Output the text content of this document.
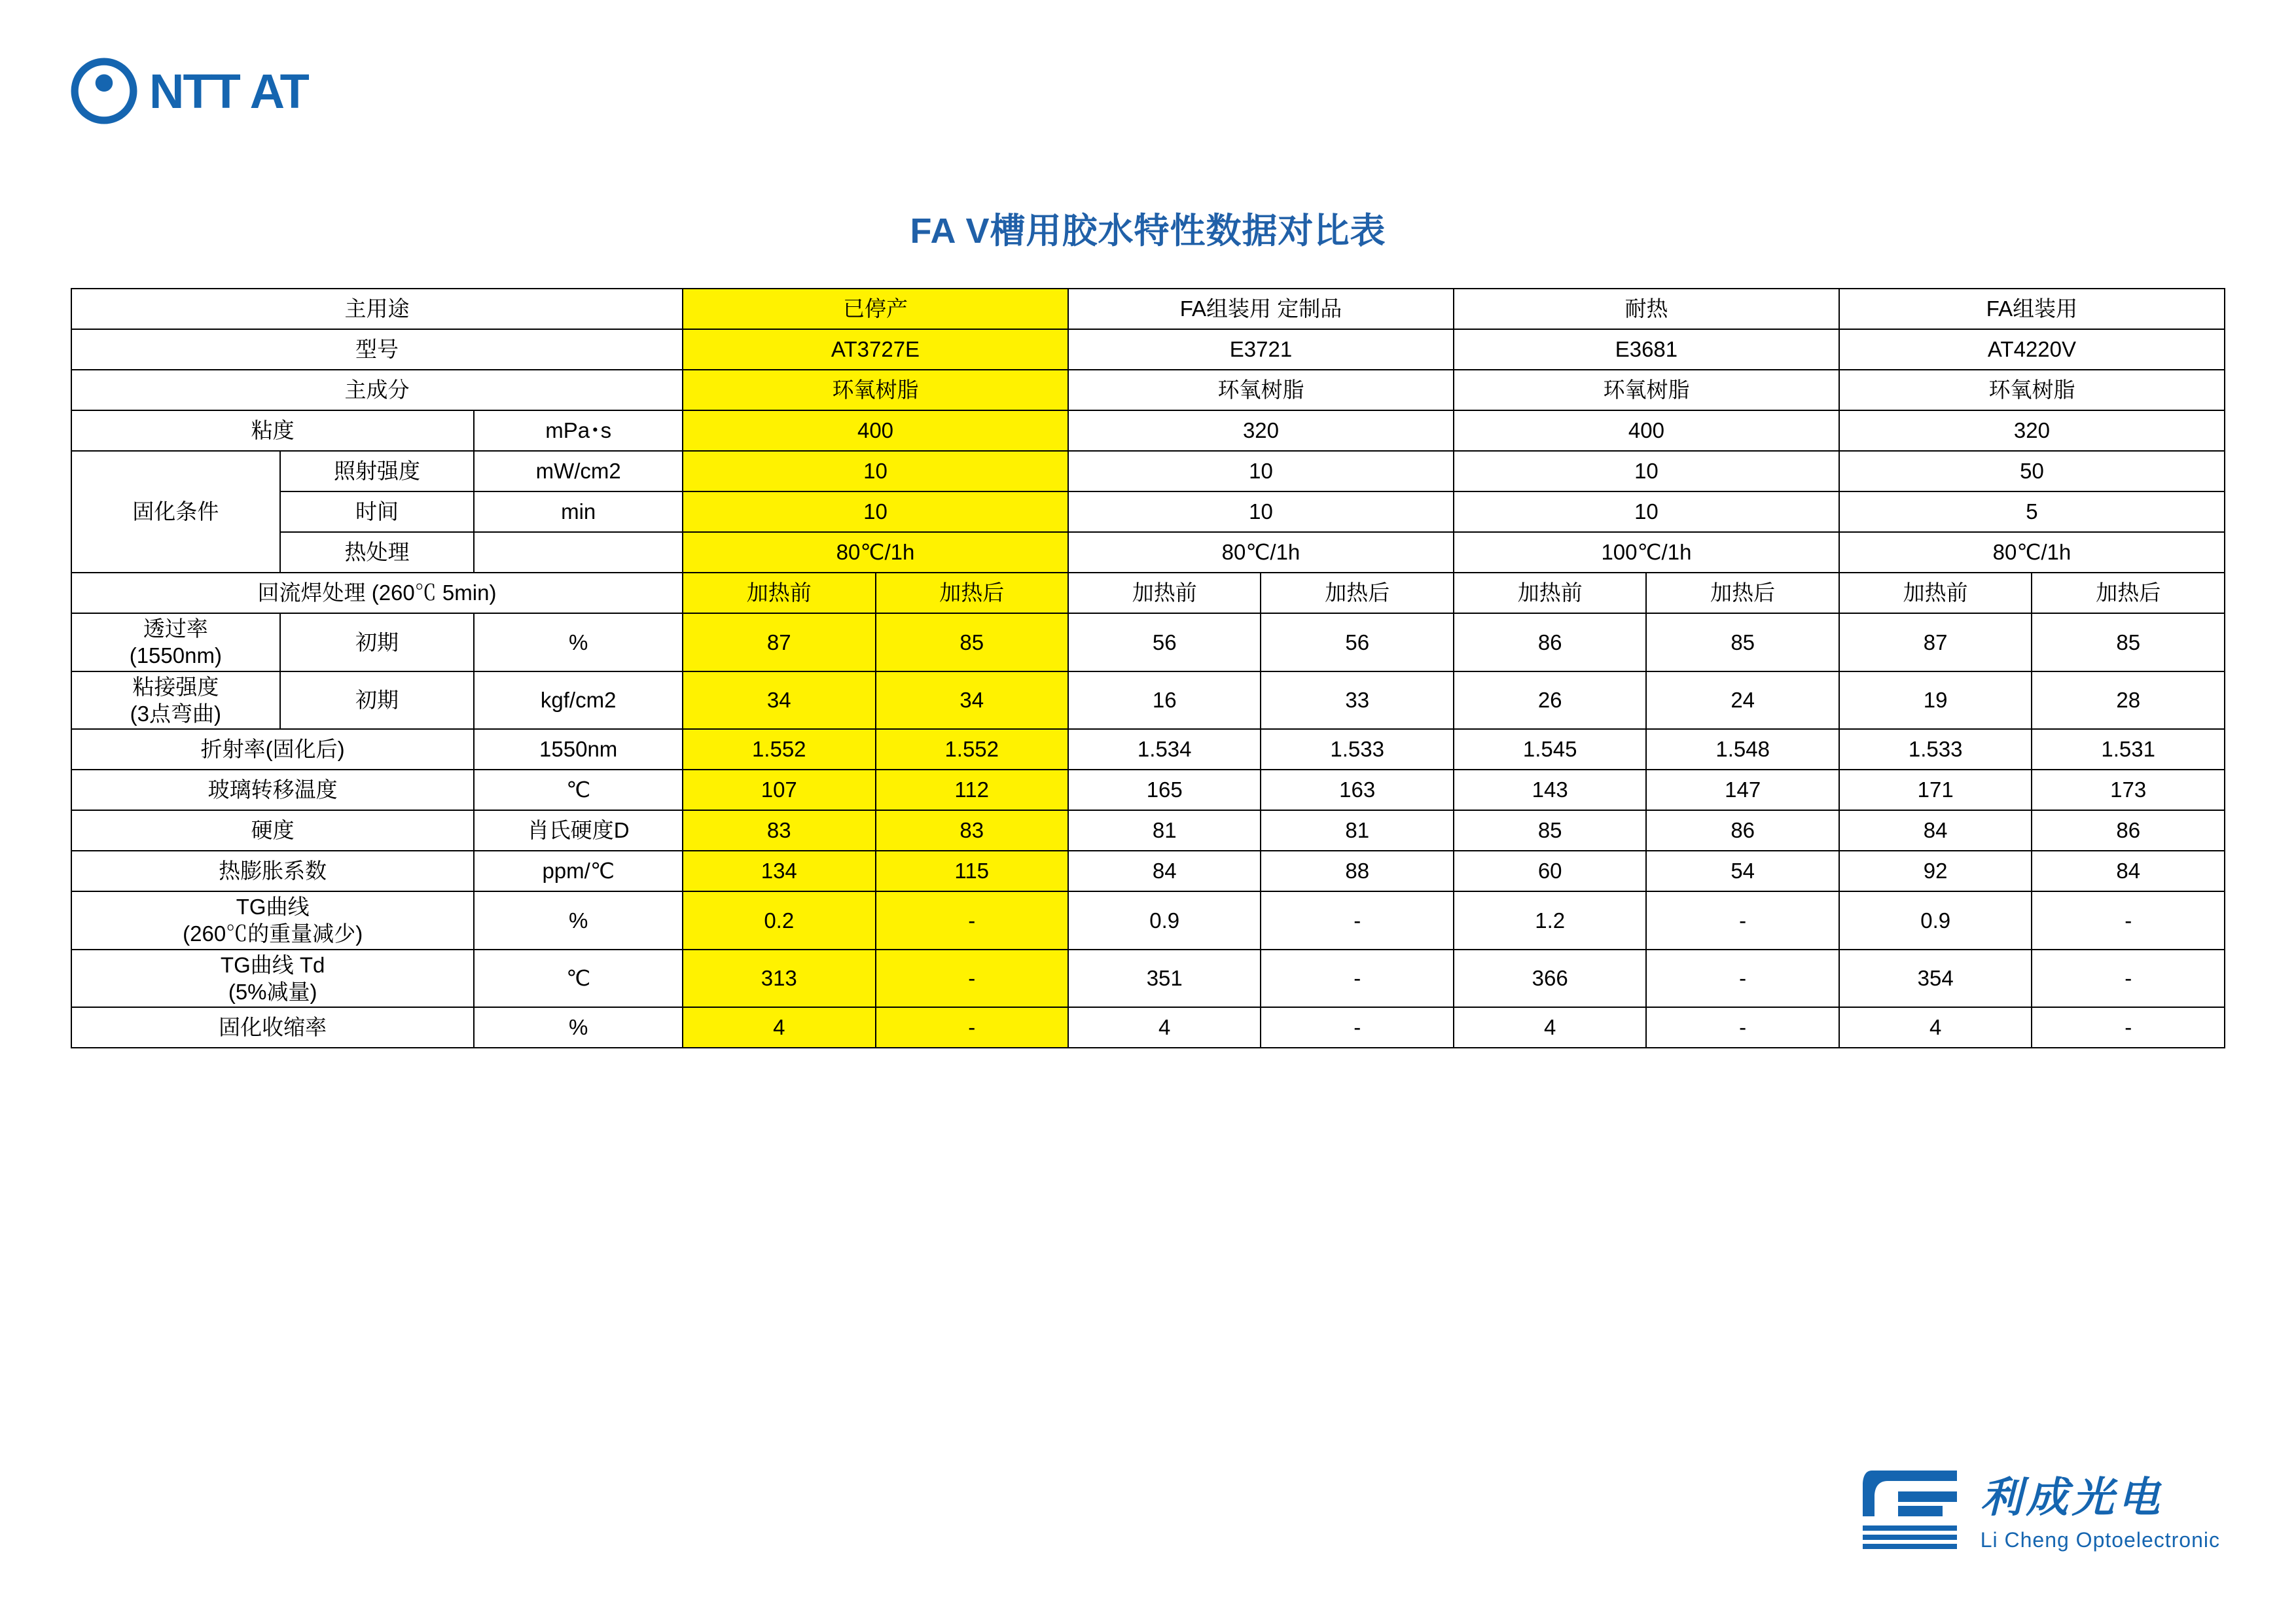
NTT AT
FA V槽用胶水特性数据对比表
主用途			已停产		FA组装用 定制品		耐热		FA组装用	
型号			AT3727E		E3721		E3681		AT4220V	
主成分			环氧树脂		环氧树脂		环氧树脂		环氧树脂	
粘度		mPa･s	400		320		400		320	
固化条件	照射强度	mW/cm2	10		10		10		50	
	时间	min	10		10		10		5	
	热处理		80℃/1h		80℃/1h		100℃/1h		80℃/1h	
回流焊处理 (260℃ 5min)			加热前	加热后	加热前	加热后	加热前	加热后	加热前	加热后

透过率
(1550nm)	初期	%	87	85	56	56	86	85	87	85

粘接强度
(3点弯曲)	初期	kgf/cm2	34	34	16	33	26	24	19	28
折射率(固化后)		1550nm	1.552	1.552	1.534	1.533	1.545	1.548	1.533	1.531
玻璃转移温度		℃	107	112	165	163	143	147	171	173
硬度		肖氏硬度D	83	83	81	81	85	86	84	86
热膨胀系数		ppm/℃	134	115	84	88	60	54	92	84

TG曲线
(260℃的重量减少)		%	0.2	-	0.9	-	1.2	-	0.9	-

TG曲线 Td
(5%减量)		℃	313	-	351	-	366	-	354	-
固化收缩率		%	4	-	4	-	4	-	4	-
利成光电
Li Cheng Optoelectronic
